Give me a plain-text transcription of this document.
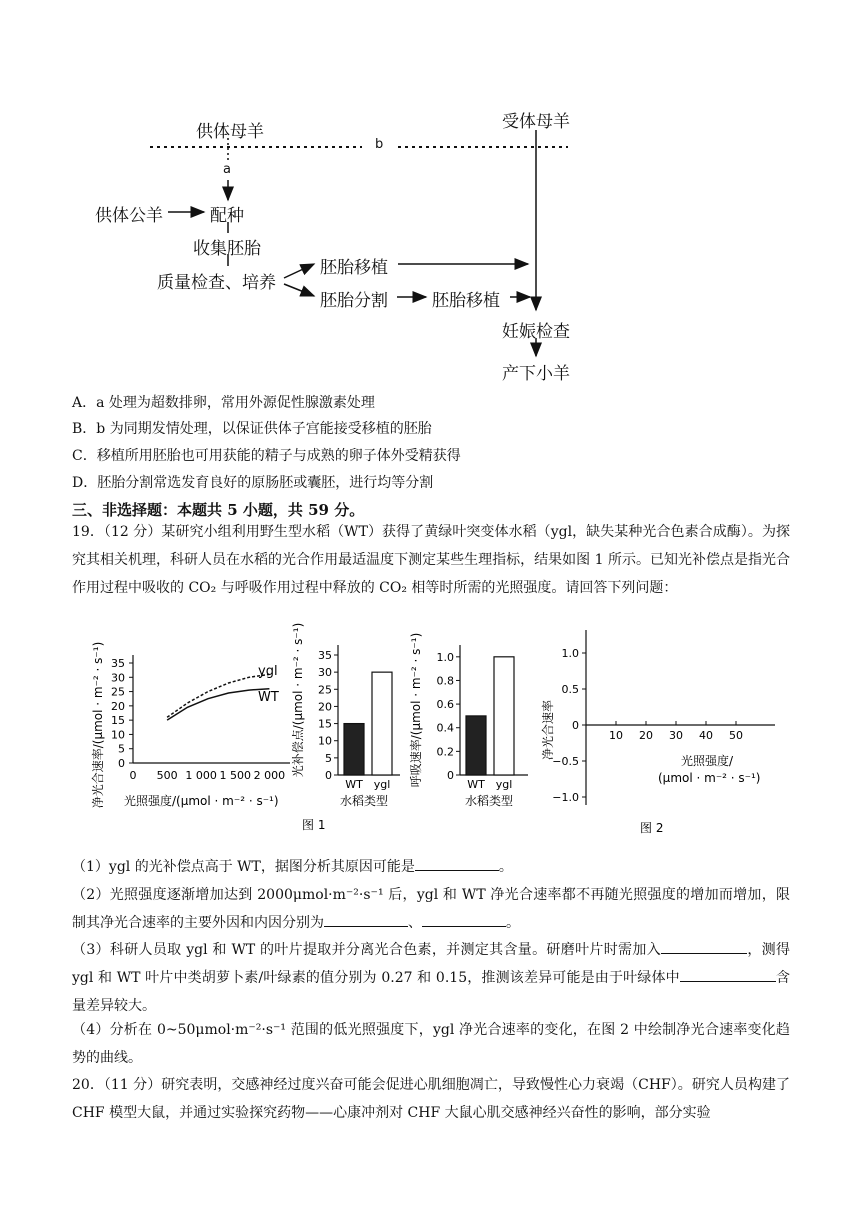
供体母羊	受体母羊
a
b
供体公羊	配种
收集胚胎
质量检查、培养
胚胎移植
胚胎分割	胚胎移植
妊娠检查
产下小羊
A．a 处理为超数排卵，常用外源促性腺激素处理
B．b 为同期发情处理，以保证供体子宫能接受移植的胚胎
C．移植所用胚胎也可用获能的精子与成熟的卵子体外受精获得
D．胚胎分割常选发育良好的原肠胚或囊胚，进行均等分割
三、非选择题：本题共 5 小题，共 59 分。
19．（12 分）某研究小组利用野生型水稻（WT）获得了黄绿叶突变体水稻（ygl，缺失某种光合色素合成酶）。为探究其相关机理，科研人员在水稻的光合作用最适温度下测定某些生理指标，结果如图 1 所示。已知光补偿点是指光合作用过程中吸收的 CO₂ 与呼吸作用过程中释放的 CO₂ 相等时所需的光照强度。请回答下列问题：
0
5
10
15
20
25
30
35
0 500 1 000 1 500 2 000
ygl
WT
净光合速率/(μmol · m⁻² · s⁻¹) 光照强度/(μmol · m⁻² · s⁻¹)
0
5
10
15
20
25
30
35
WT ygl
光补偿点/(μmol · m⁻² · s⁻¹)
水稻类型
0
0.2
0.4
0.6
0.8
1.0
WT ygl
呼吸速率/(μmol · m⁻² · s⁻¹)
水稻类型
1.0
0.5
0
−0.5
−1.0
10 20 30 40 50
净光合速率
光照强度/ (μmol · m⁻² · s⁻¹)
图 1	图 2
（1）ygl 的光补偿点高于 WT，据图分析其原因可能是	。
（2）光照强度逐渐增加达到 2000μmol·m⁻²·s⁻¹ 后，ygl 和 WT 净光合速率都不再随光照强度的增加而增加，限制其净光合速率的主要外因和内因分别为	、	。
（3）科研人员取 ygl 和 WT 的叶片提取并分离光合色素，并测定其含量。研磨叶片时需加入	，测得 ygl 和 WT 叶片中类胡萝卜素/叶绿素的值分别为 0.27 和 0.15，推测该差异可能是由于叶绿体中	含量差异较大。
（4）分析在 0~50μmol·m⁻²·s⁻¹ 范围的低光照强度下，ygl 净光合速率的变化，在图 2 中绘制净光合速率变化趋势的曲线。
20．（11 分）研究表明，交感神经过度兴奋可能会促进心肌细胞凋亡，导致慢性心力衰竭（CHF）。研究人员构建了 CHF 模型大鼠，并通过实验探究药物——心康冲剂对 CHF 大鼠心肌交感神经兴奋性的影响，部分实验
